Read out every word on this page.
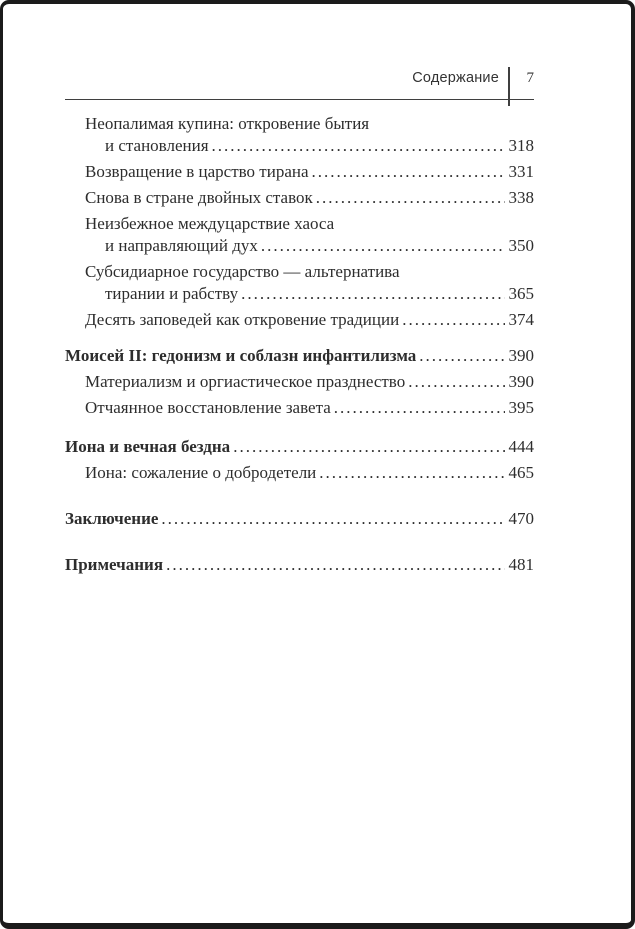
Содержание	7
Неопалимая купина: откровение бытия
и становления .....	318
Возвращение в царство тирана .....	331
Снова в стране двойных ставок .....	338
Неизбежное междуцарствие хаоса
и направляющий дух .....	350
Субсидиарное государство — альтернатива
тирании и рабству .....	365
Десять заповедей как откровение традиции .....	374
Моисей II: гедонизм и соблазн инфантилизма .....	390
Материализм и оргиастическое празднество .....	390
Отчаянное восстановление завета .....	395
Иона и вечная бездна .....	444
Иона: сожаление о добродетели .....	465
Заключение .....	470
Примечания .....	481
